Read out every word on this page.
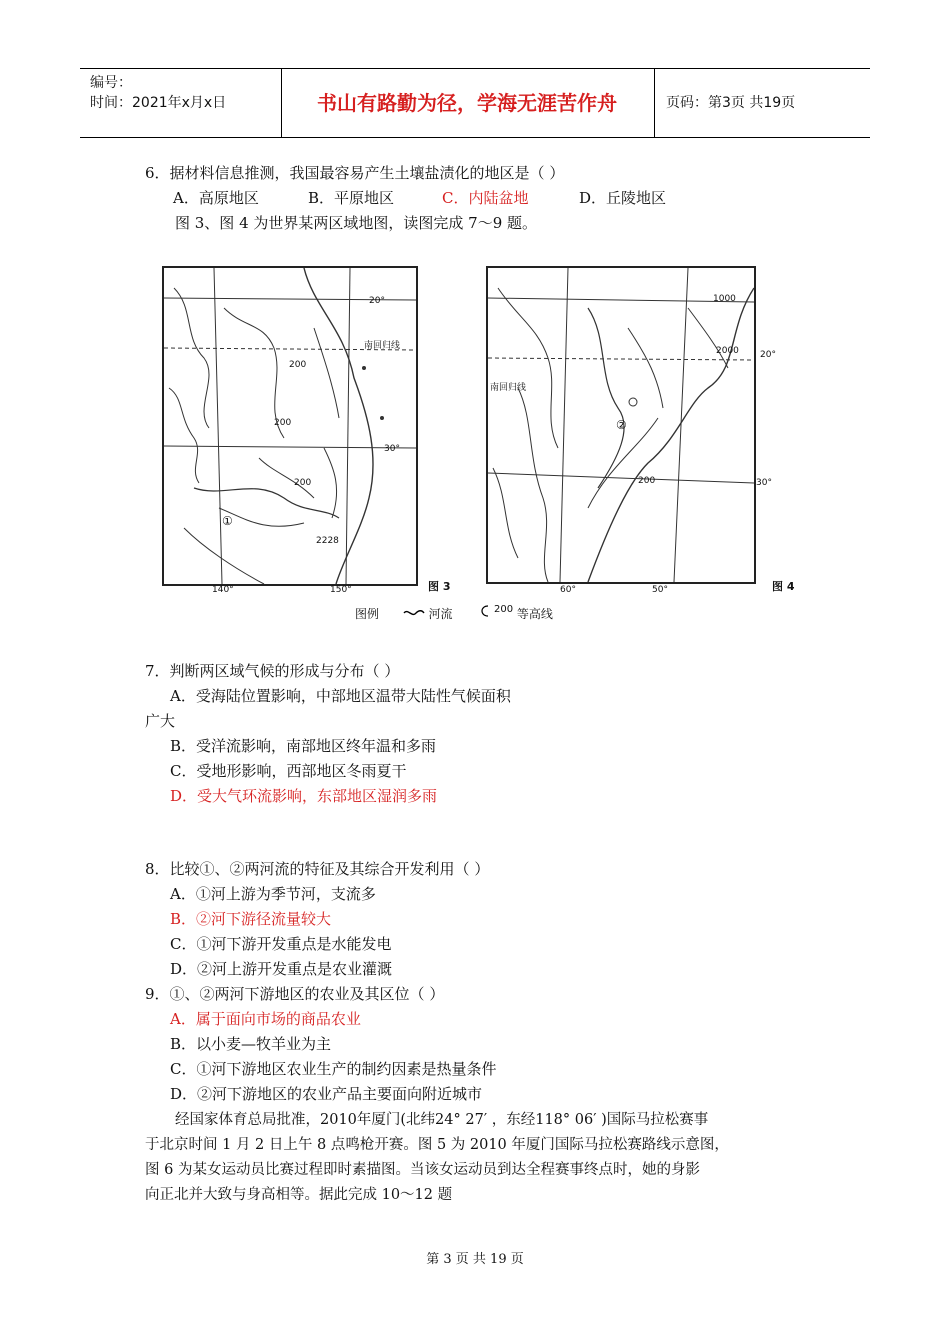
编号：
时间：2021年x月x日	书山有路勤为径，学海无涯苦作舟	页码：第3页 共19页
6．据材料信息推测，我国最容易产生土壤盐渍化的地区是（ ）
A．高原地区	B．平原地区	C．内陆盆地	D．丘陵地区
图 3、图 4 为世界某两区域地图，读图完成 7～9 题。
20°
南回归线
30°
200
200
200
2228
①
140°	150°	图 3
1000
2000 20°
南回归线
30°
200
②
60°	50°	图 4
图例	河流	$^{200}$ 等高线
7．判断两区域气候的形成与分布（ ）
A．受海陆位置影响，中部地区温带大陆性气候面积
广大
B．受洋流影响，南部地区终年温和多雨
C．受地形影响，西部地区冬雨夏干
D．受大气环流影响，东部地区湿润多雨
8．比较①、②两河流的特征及其综合开发利用（ ）
A．①河上游为季节河，支流多
B．②河下游径流量较大
C．①河下游开发重点是水能发电
D．②河上游开发重点是农业灌溉
9．①、②两河下游地区的农业及其区位（ ）
A．属于面向市场的商品农业
B．以小麦—牧羊业为主
C．①河下游地区农业生产的制约因素是热量条件
D．②河下游地区的农业产品主要面向附近城市
经国家体育总局批准，2010年厦门(北纬24° 27′ ，东经118° 06′ )国际马拉松赛事
于北京时间 1 月 2 日上午 8 点鸣枪开赛。图 5 为 2010 年厦门国际马拉松赛路线示意图，
图 6 为某女运动员比赛过程即时素描图。当该女运动员到达全程赛事终点时，她的身影
向正北并大致与身高相等。据此完成 10～12 题
第 3 页 共 19 页
